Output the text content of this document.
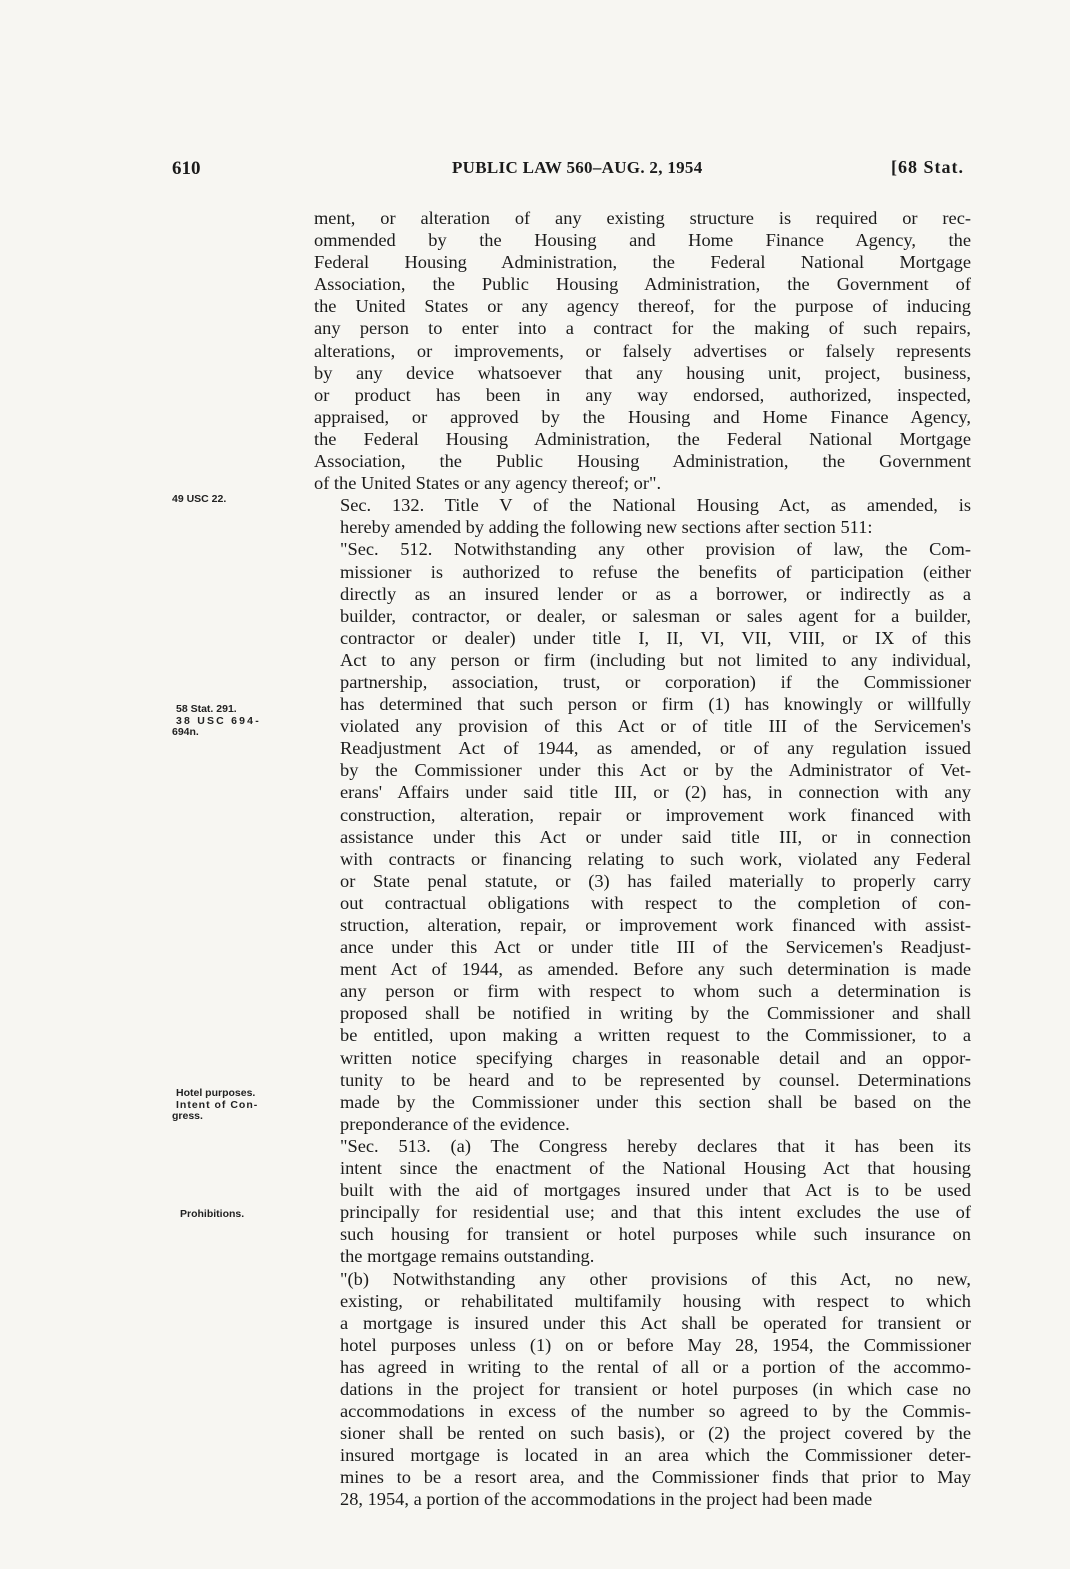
610	PUBLIC LAW 560–AUG. 2, 1954	[68 Stat.
49 USC 22.
58 Stat. 291.
38 USC 694-
694n.
Hotel purposes.
Intent of Con-
gress.
Prohibitions.
ment, or alteration of any existing structure is required or rec-
ommended by the Housing and Home Finance Agency, the
Federal Housing Administration, the Federal National Mortgage
Association, the Public Housing Administration, the Government of
the United States or any agency thereof, for the purpose of inducing
any person to enter into a contract for the making of such repairs,
alterations, or improvements, or falsely advertises or falsely represents
by any device whatsoever that any housing unit, project, business,
or product has been in any way endorsed, authorized, inspected,
appraised, or approved by the Housing and Home Finance Agency,
the Federal Housing Administration, the Federal National Mortgage
Association, the Public Housing Administration, the Government
of the United States or any agency thereof; or".
Sec. 132. Title V of the National Housing Act, as amended, is
hereby amended by adding the following new sections after section 511:
"Sec. 512. Notwithstanding any other provision of law, the Com-
missioner is authorized to refuse the benefits of participation (either
directly as an insured lender or as a borrower, or indirectly as a
builder, contractor, or dealer, or salesman or sales agent for a builder,
contractor or dealer) under title I, II, VI, VII, VIII, or IX of this
Act to any person or firm (including but not limited to any individual,
partnership, association, trust, or corporation) if the Commissioner
has determined that such person or firm (1) has knowingly or willfully
violated any provision of this Act or of title III of the Servicemen's
Readjustment Act of 1944, as amended, or of any regulation issued
by the Commissioner under this Act or by the Administrator of Vet-
erans' Affairs under said title III, or (2) has, in connection with any
construction, alteration, repair or improvement work financed with
assistance under this Act or under said title III, or in connection
with contracts or financing relating to such work, violated any Federal
or State penal statute, or (3) has failed materially to properly carry
out contractual obligations with respect to the completion of con-
struction, alteration, repair, or improvement work financed with assist-
ance under this Act or under title III of the Servicemen's Readjust-
ment Act of 1944, as amended. Before any such determination is made
any person or firm with respect to whom such a determination is
proposed shall be notified in writing by the Commissioner and shall
be entitled, upon making a written request to the Commissioner, to a
written notice specifying charges in reasonable detail and an oppor-
tunity to be heard and to be represented by counsel. Determinations
made by the Commissioner under this section shall be based on the
preponderance of the evidence.
"Sec. 513. (a) The Congress hereby declares that it has been its
intent since the enactment of the National Housing Act that housing
built with the aid of mortgages insured under that Act is to be used
principally for residential use; and that this intent excludes the use of
such housing for transient or hotel purposes while such insurance on
the mortgage remains outstanding.
"(b) Notwithstanding any other provisions of this Act, no new,
existing, or rehabilitated multifamily housing with respect to which
a mortgage is insured under this Act shall be operated for transient or
hotel purposes unless (1) on or before May 28, 1954, the Commissioner
has agreed in writing to the rental of all or a portion of the accommo-
dations in the project for transient or hotel purposes (in which case no
accommodations in excess of the number so agreed to by the Commis-
sioner shall be rented on such basis), or (2) the project covered by the
insured mortgage is located in an area which the Commissioner deter-
mines to be a resort area, and the Commissioner finds that prior to May
28, 1954, a portion of the accommodations in the project had been made
